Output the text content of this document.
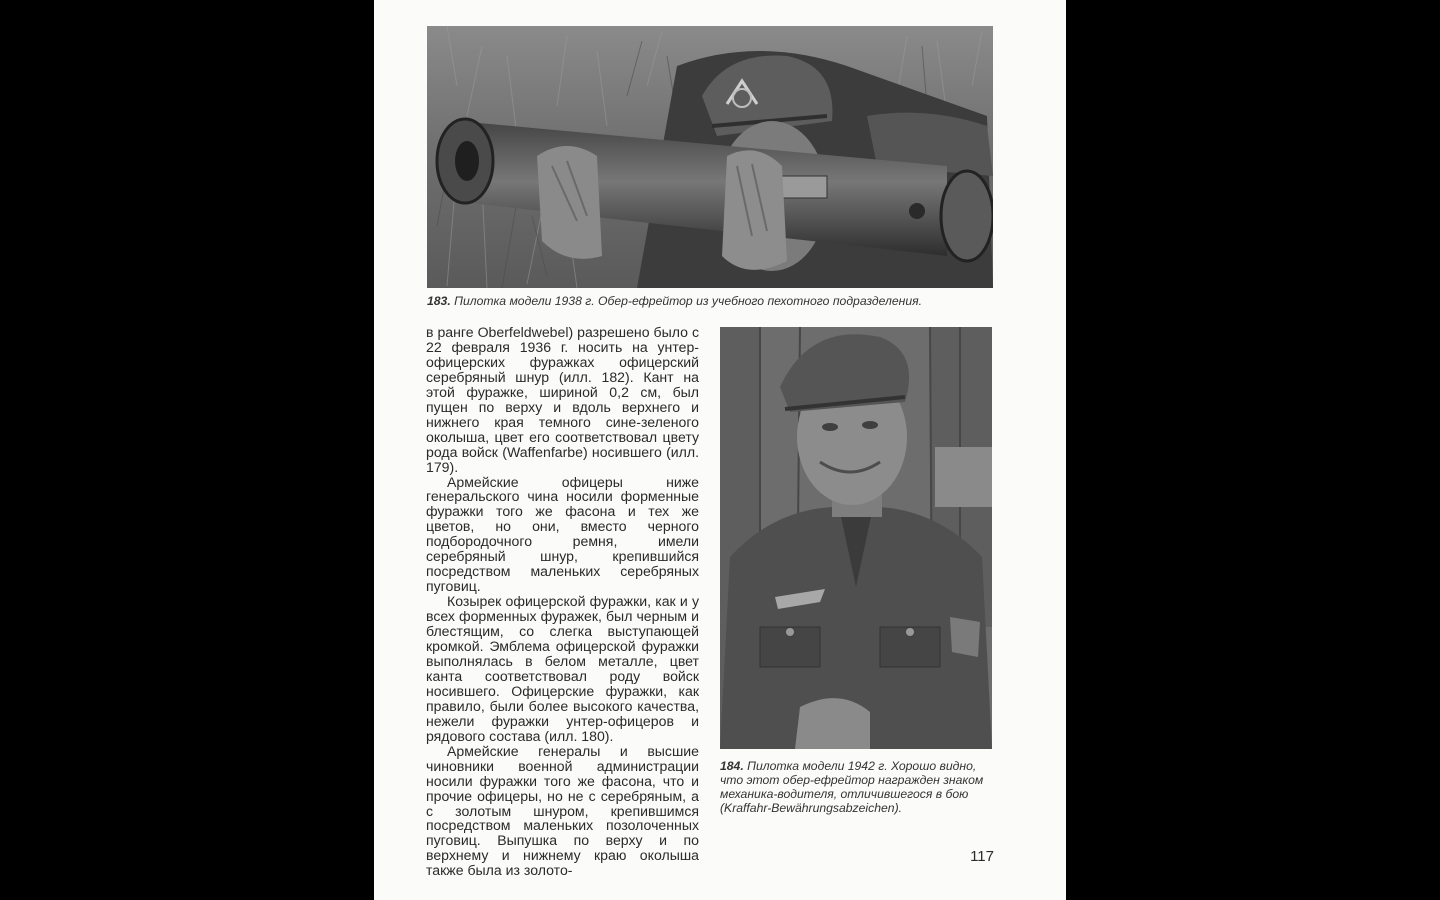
183. Пилотка модели 1938 г. Обер-ефрейтор из учебного пехотного подразделения.

в ранге Oberfeldwebel) разрешено было с 22 февраля 1936 г. носить на унтер-офицерских фуражках офицерский серебряный шнур (илл. 182). Кант на этой фуражке, шириной 0,2 см, был пущен по верху и вдоль верхнего и нижнего края темного сине-зеленого околыша, цвет его соответствовал цвету рода войск (Waffenfarbe) носившего (илл. 179).

Армейские офицеры ниже генеральского чина носили форменные фуражки того же фасона и тех же цветов, но они, вместо черного подбородочного ремня, имели серебряный шнур, крепившийся посредством маленьких серебряных пуговиц.

Козырек офицерской фуражки, как и у всех форменных фуражек, был черным и блестящим, со слегка выступающей кромкой. Эмблема офицерской фуражки выполнялась в белом металле, цвет канта соответствовал роду войск носившего. Офицерские фуражки, как правило, были более высокого качества, нежели фуражки унтер-офицеров и рядового состава (илл. 180).

Армейские генералы и высшие чиновники военной администрации носили фуражки того же фасона, что и прочие офицеры, но не с серебряным, а с золотым шнуром, крепившимся посредством маленьких позолоченных пуговиц. Выпушка по верху и по верхнему и нижнему краю околыша также была из золото-

184. Пилотка модели 1942 г. Хорошо видно, что этот обер-ефрейтор награжден знаком механика-водителя, отличившегося в бою (Kraffahr-Bewährungsabzeichen).
117
